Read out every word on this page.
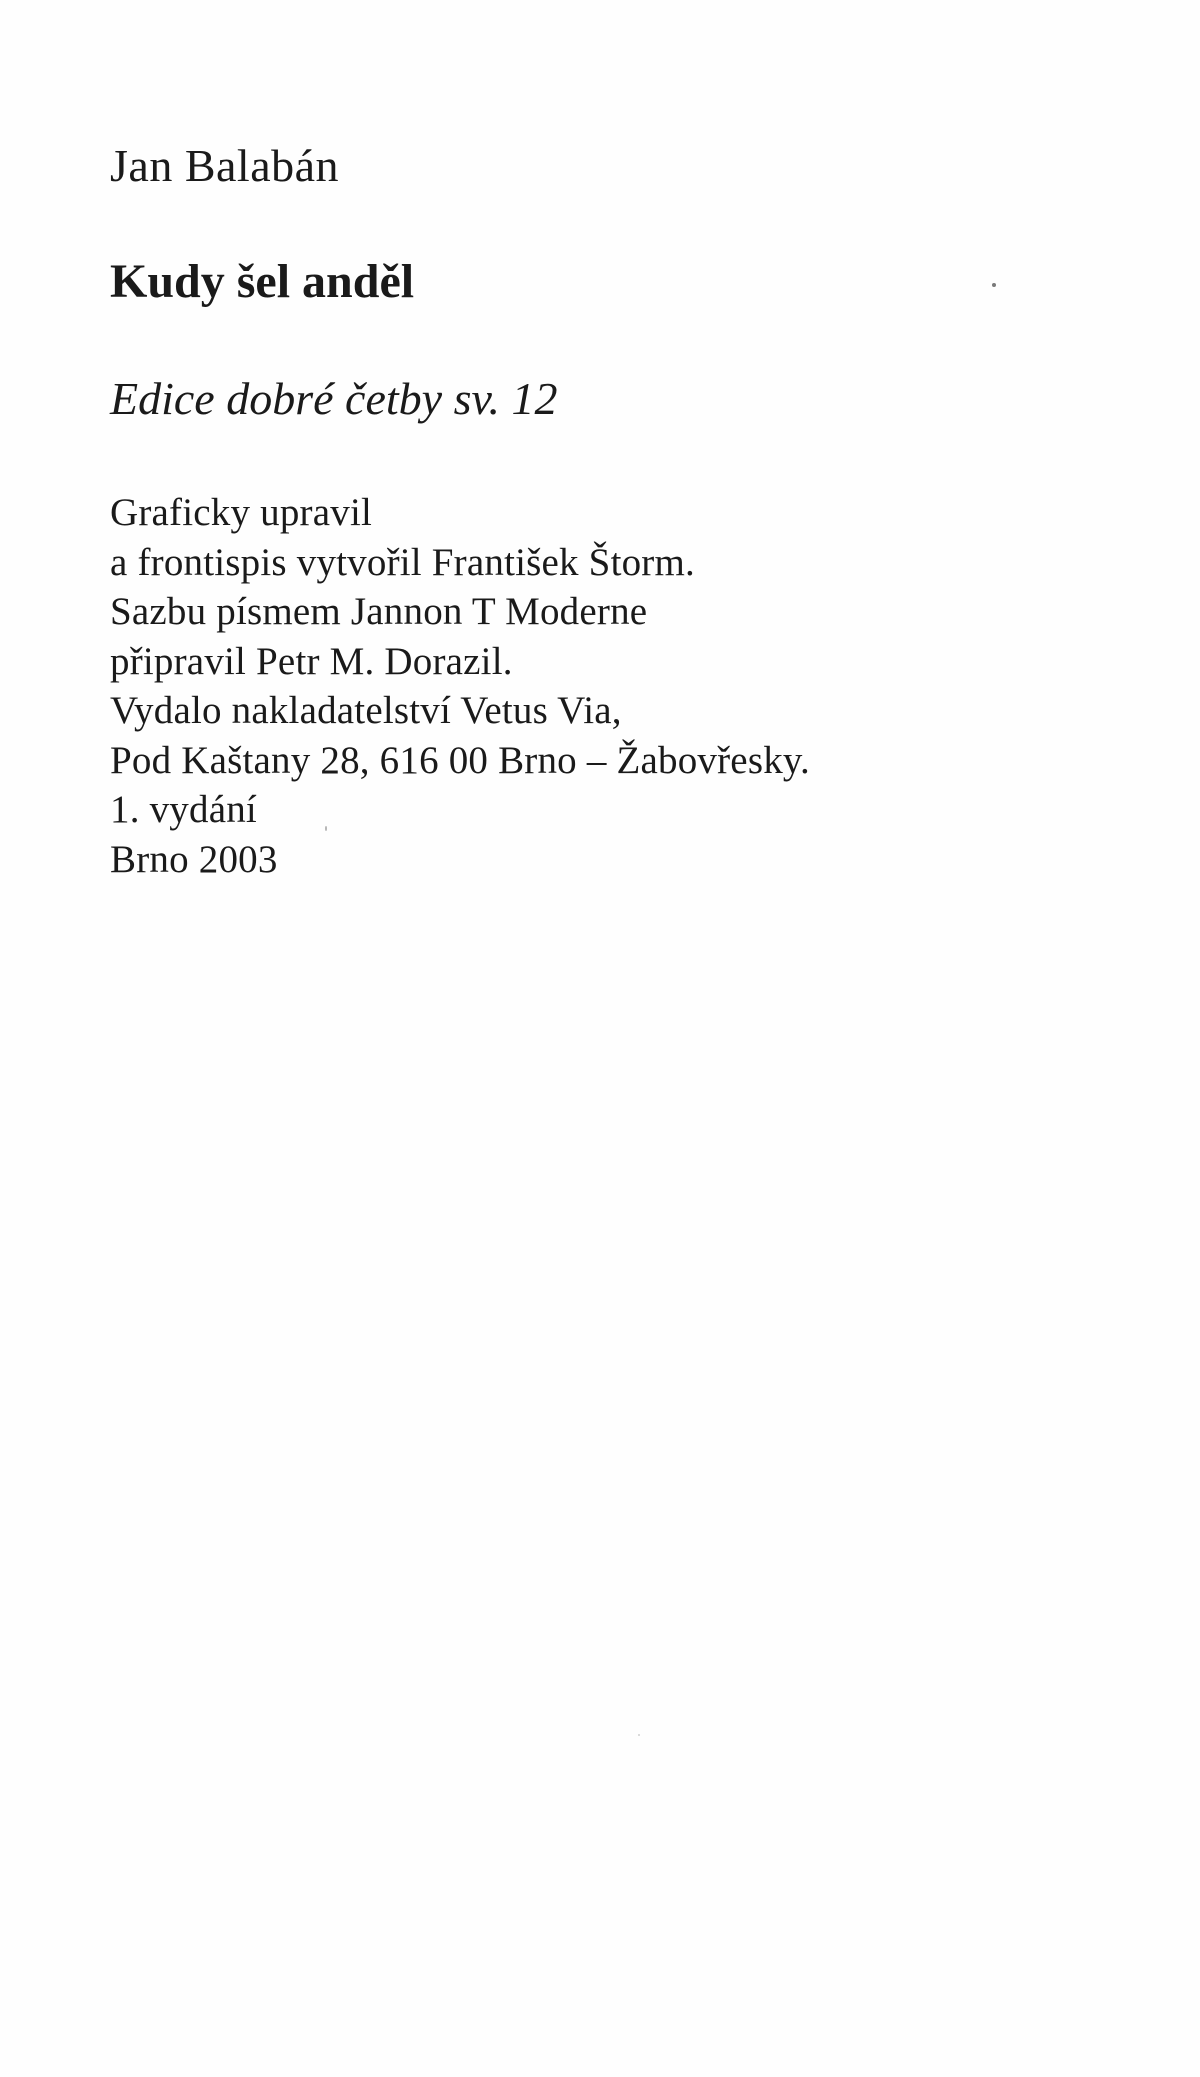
Jan Balabán

Kudy šel anděl

Edice dobré četby sv. 12

Graficky upravil
a frontispis vytvořil František Štorm.
Sazbu písmem Jannon T Moderne
připravil Petr M. Dorazil.
Vydalo nakladatelství Vetus Via,
Pod Kaštany 28, 616 00 Brno – Žabovřesky.
1. vydání
Brno 2003
